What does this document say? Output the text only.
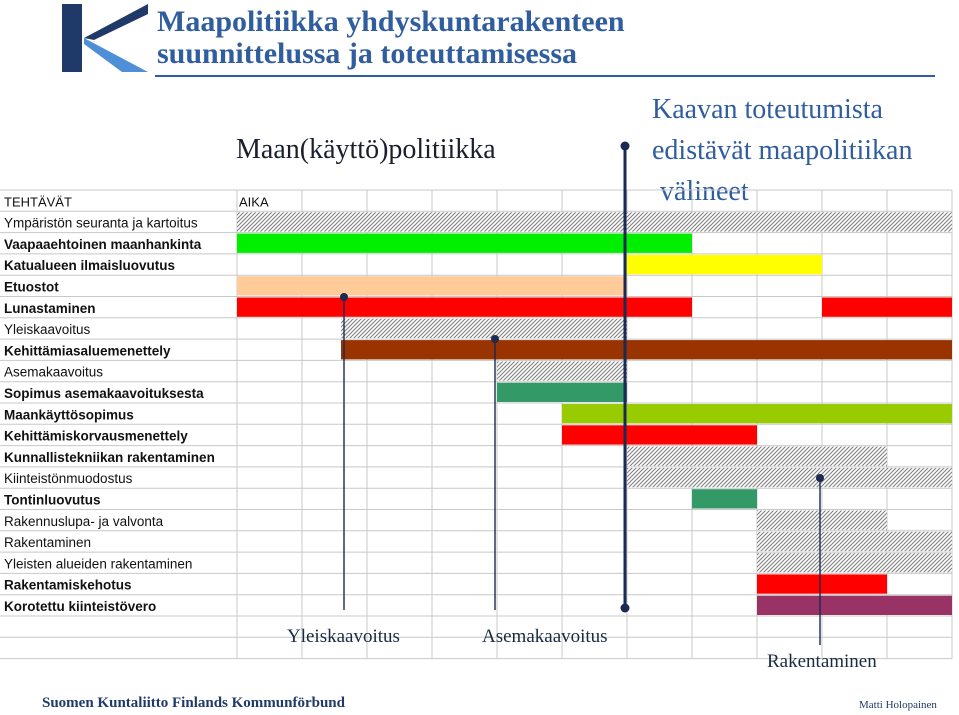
Maapolitiikka yhdyskuntarakenteen
suunnittelussa ja toteuttamisessa
Maan(käyttö)politiikka
Kaavan toteutumista
edistävät maapolitiikan
välineet
TEHTÄVÄT	AIKA
Ympäristön seuranta ja kartoitus
Vaapaaehtoinen maanhankinta
Katualueen ilmaisluovutus
Etuostot
Lunastaminen
Yleiskaavoitus
Kehittämiasaluemenettely
Asemakaavoitus
Sopimus asemakaavoituksesta
Maankäyttösopimus
Kehittämiskorvausmenettely
Kunnallistekniikan rakentaminen
Kiinteistönmuodostus
Tontinluovutus
Rakennuslupa- ja valvonta
Rakentaminen
Yleisten alueiden rakentaminen
Rakentamiskehotus
Korotettu kiinteistövero
Yleiskaavoitus	Asemakaavoitus
Rakentaminen
Suomen Kuntaliitto Finlands Kommunförbund	Matti Holopainen
